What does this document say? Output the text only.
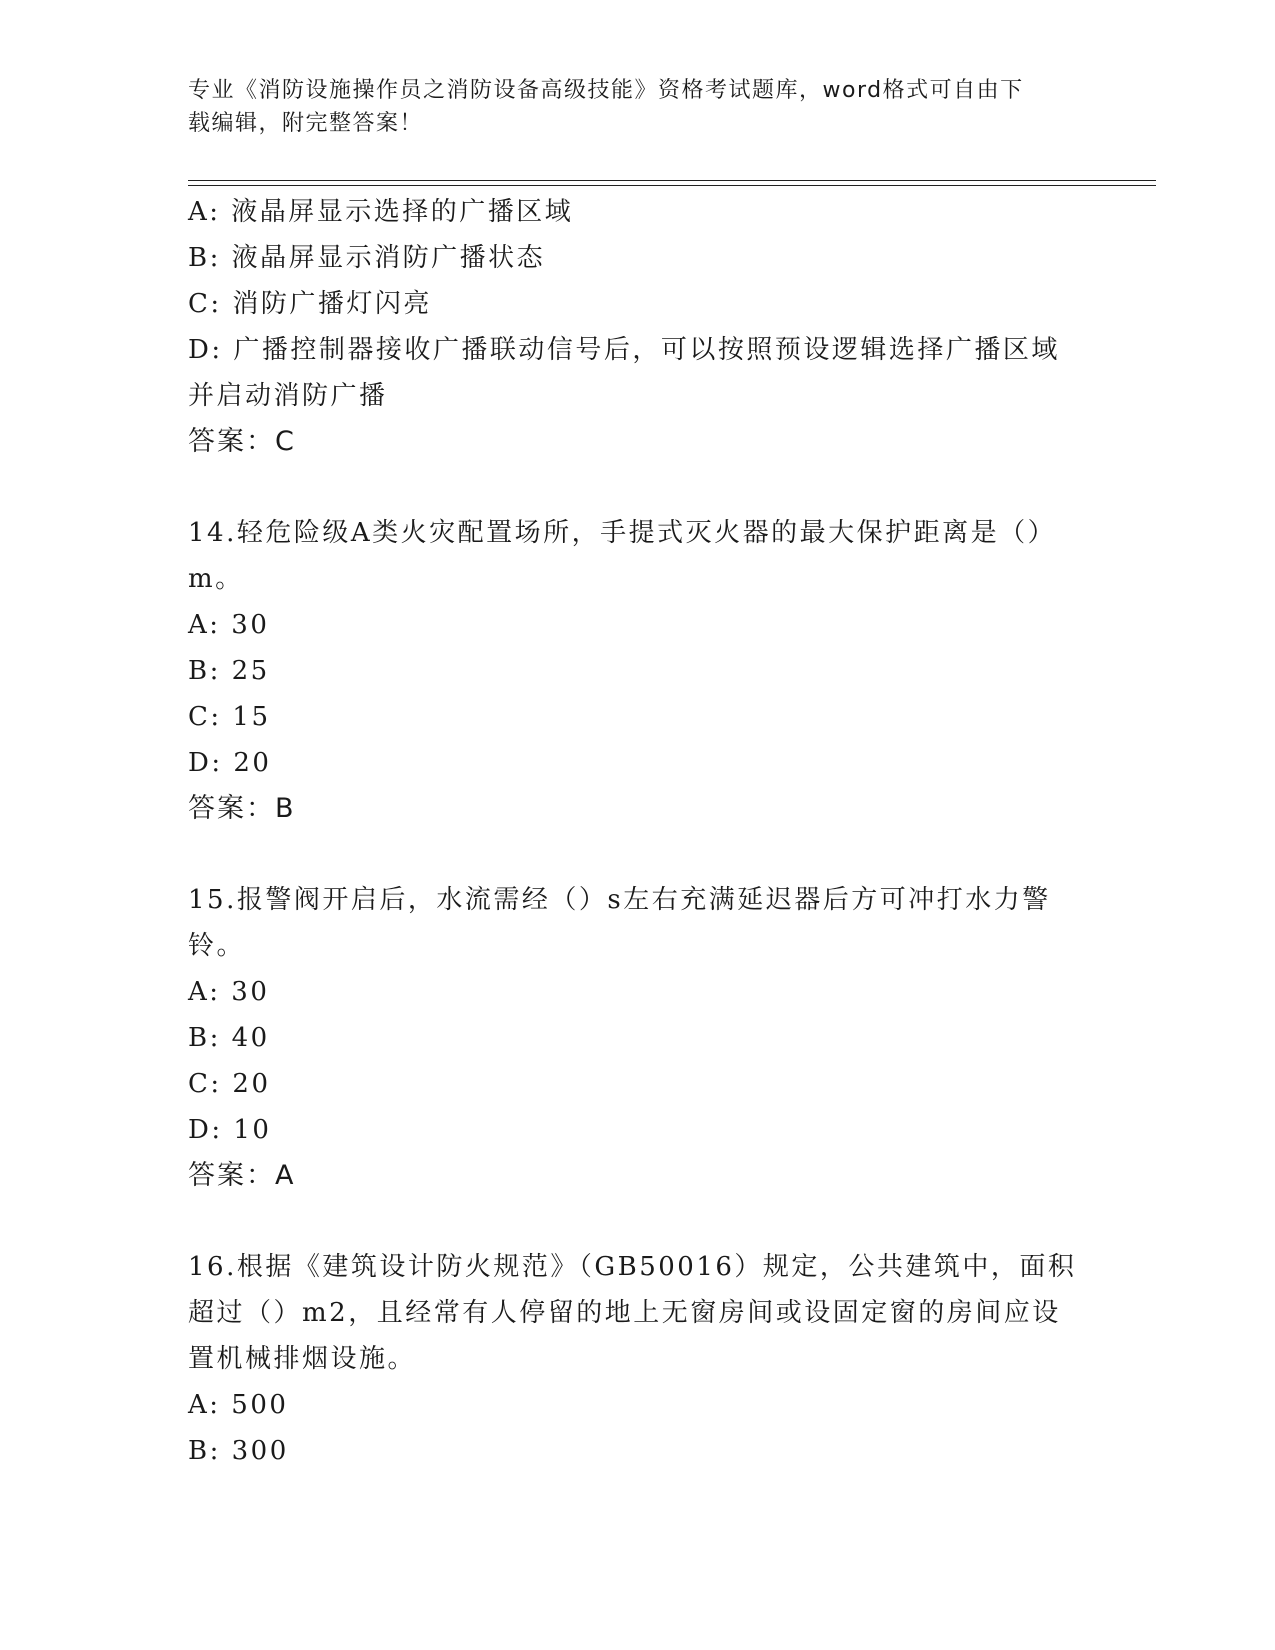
专业《消防设施操作员之消防设备高级技能》资格考试题库，word格式可自由下
载编辑，附完整答案！
A: 液晶屏显示选择的广播区域
B: 液晶屏显示消防广播状态
C: 消防广播灯闪亮
D: 广播控制器接收广播联动信号后，可以按照预设逻辑选择广播区域
并启动消防广播
答案：C
14.轻危险级A类火灾配置场所，手提式灭火器的最大保护距离是（）
m。
A: 30
B: 25
C: 15
D: 20
答案：B
15.报警阀开启后，水流需经（）s左右充满延迟器后方可冲打水力警
铃。
A: 30
B: 40
C: 20
D: 10
答案：A
16.根据《建筑设计防火规范》（GB50016）规定，公共建筑中，面积
超过（）m2，且经常有人停留的地上无窗房间或设固定窗的房间应设
置机械排烟设施。
A: 500
B: 300
